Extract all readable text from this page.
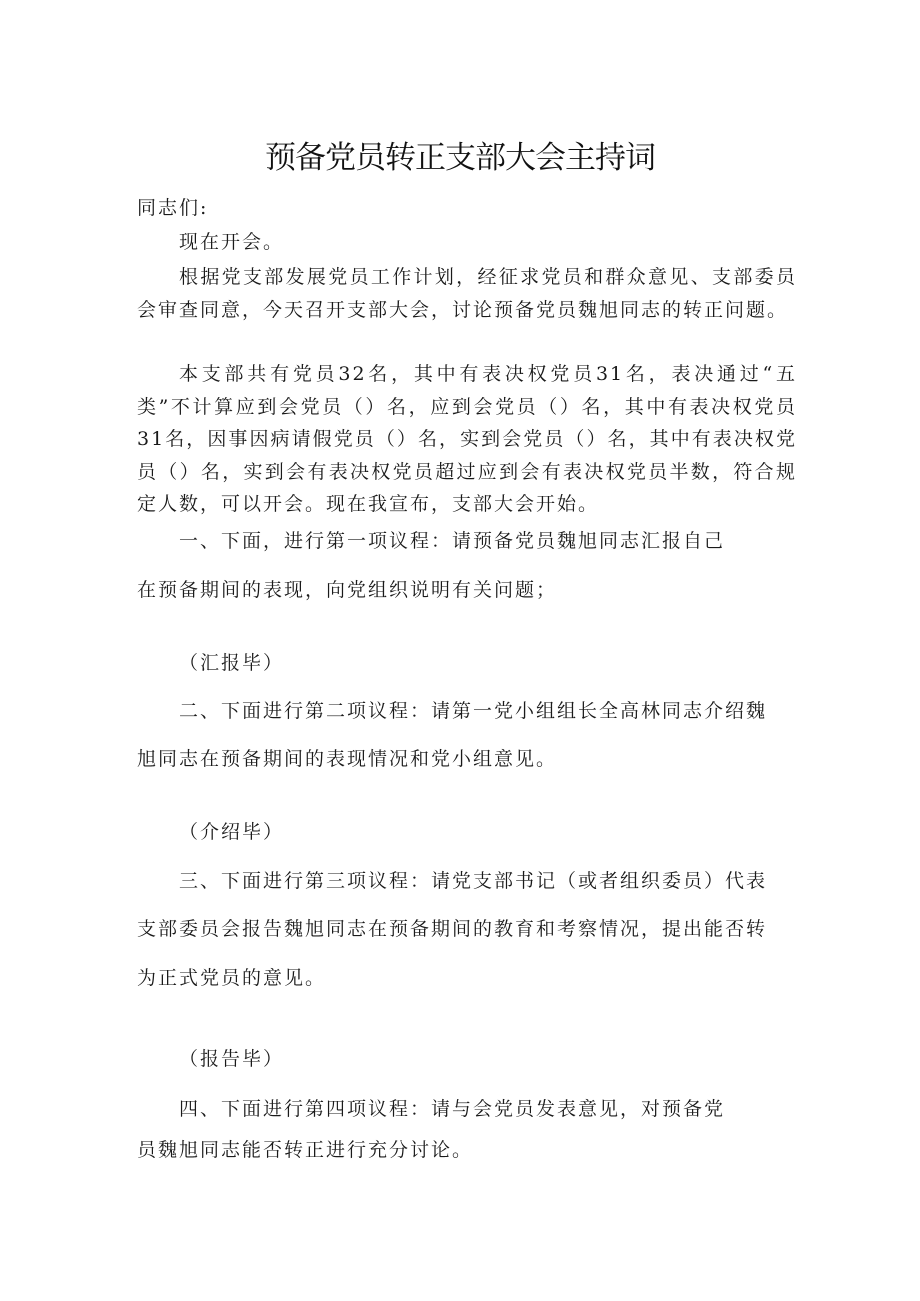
预备党员转正支部大会主持词

同志们:

现在开会。

根据党支部发展党员工作计划，经征求党员和群众意见、支部委员会审查同意，今天召开支部大会，讨论预备党员魏旭同志的转正问题。

本支部共有党员32名，其中有表决权党员31名，表决通过“五类”不计算应到会党员（）名，应到会党员（）名，其中有表决权党员31名，因事因病请假党员（）名，实到会党员（）名，其中有表决权党员（）名，实到会有表决权党员超过应到会有表决权党员半数，符合规定人数，可以开会。现在我宣布，支部大会开始。

一、下面，进行第一项议程：请预备党员魏旭同志汇报自己

在预备期间的表现，向党组织说明有关问题；

（汇报毕）

二、下面进行第二项议程：请第一党小组组长全高林同志介绍魏

旭同志在预备期间的表现情况和党小组意见。

（介绍毕）

三、下面进行第三项议程：请党支部书记（或者组织委员）代表

支部委员会报告魏旭同志在预备期间的教育和考察情况，提出能否转

为正式党员的意见。

（报告毕）

四、下面进行第四项议程：请与会党员发表意见，对预备党

员魏旭同志能否转正进行充分讨论。
